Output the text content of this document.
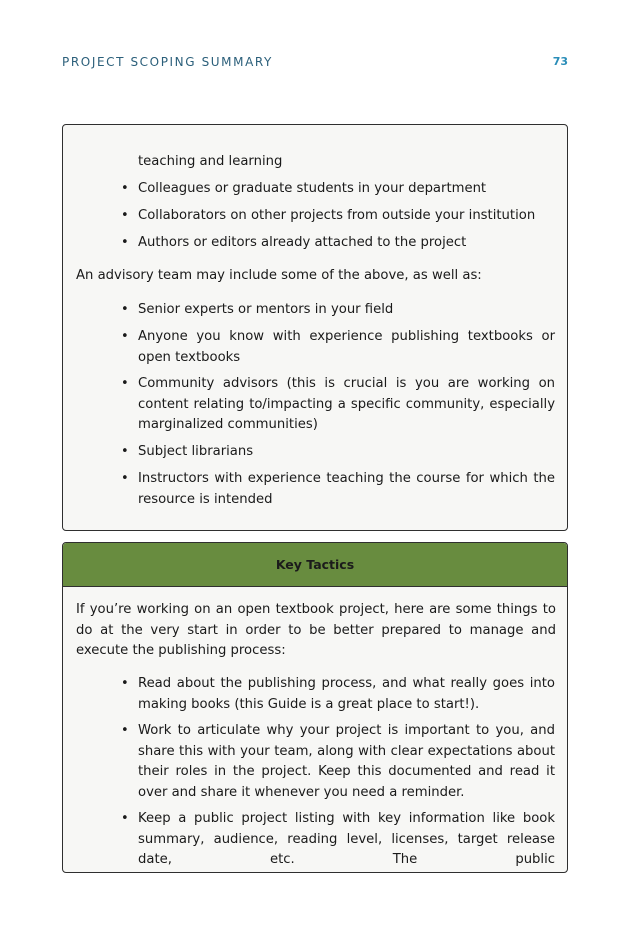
PROJECT SCOPING SUMMARY	73
teaching and learning
• Colleagues or graduate students in your department
• Collaborators on other projects from outside your institution
• Authors or editors already attached to the project

An advisory team may include some of the above, as well as:

• Senior experts or mentors in your field
• Anyone you know with experience publishing textbooks or open textbooks
• Community advisors (this is crucial is you are working on content relating to/impacting a specific community, especially marginalized communities)
• Subject librarians
• Instructors with experience teaching the course for which the resource is intended
Key Tactics

If you’re working on an open textbook project, here are some things to do at the very start in order to be better prepared to manage and execute the publishing process:

• Read about the publishing process, and what really goes into making books (this Guide is a great place to start!).
• Work to articulate why your project is important to you, and share this with your team, along with clear expectations about their roles in the project. Keep this documented and read it over and share it whenever you need a reminder.
• Keep a public project listing with key information like book summary, audience, reading level, licenses, target release date, etc. The public
